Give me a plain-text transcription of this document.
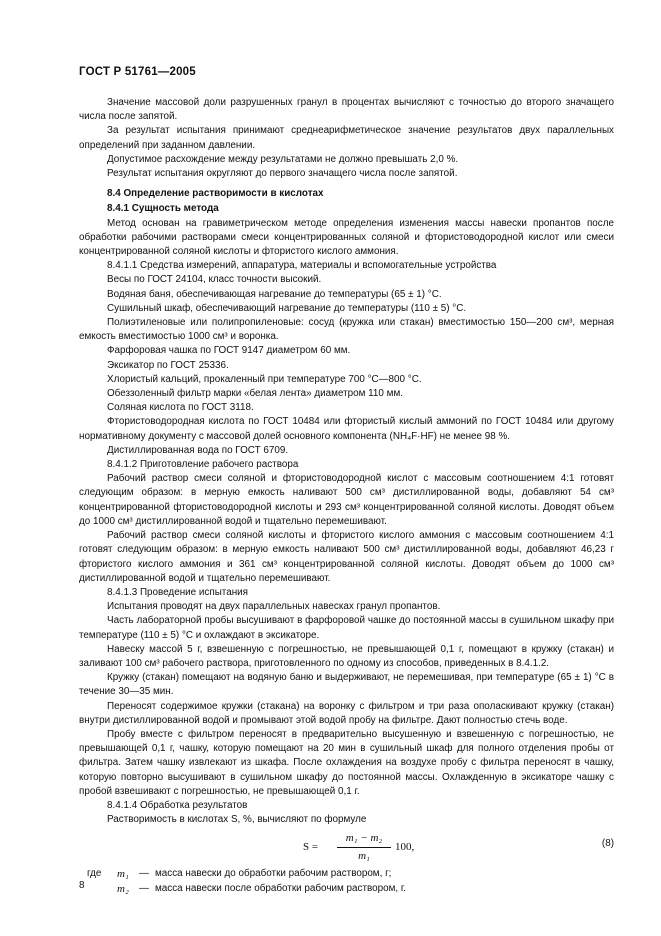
ГОСТ Р 51761—2005

Значение массовой доли разрушенных гранул в процентах вычисляют с точностью до второго значащего числа после запятой.

За результат испытания принимают среднеарифметическое значение результатов двух параллельных определений при заданном давлении.

Допустимое расхождение между результатами не должно превышать 2,0 %.

Результат испытания округляют до первого значащего числа после запятой.

8.4 Определение растворимости в кислотах

8.4.1 Сущность метода

Метод основан на гравиметрическом методе определения изменения массы навески пропантов после обработки рабочими растворами смеси концентрированных соляной и фтористоводородной кислот или смеси концентрированной соляной кислоты и фтористого кислого аммония.

8.4.1.1 Средства измерений, аппаратура, материалы и вспомогательные устройства

Весы по ГОСТ 24104, класс точности высокий.

Водяная баня, обеспечивающая нагревание до температуры (65 ± 1) °С.

Сушильный шкаф, обеспечивающий нагревание до температуры (110 ± 5) °С.

Полиэтиленовые или полипропиленовые: сосуд (кружка или стакан) вместимостью 150—200 см³, мерная емкость вместимостью 1000 см³ и воронка.

Фарфоровая чашка по ГОСТ 9147 диаметром 60 мм.

Эксикатор по ГОСТ 25336.

Хлористый кальций, прокаленный при температуре 700 °С—800 °С.

Обеззоленный фильтр марки «белая лента» диаметром 110 мм.

Соляная кислота по ГОСТ 3118.

Фтористоводородная кислота по ГОСТ 10484 или фтористый кислый аммоний по ГОСТ 10484 или другому нормативному документу с массовой долей основного компонента (NH₄F·HF) не менее 98 %.

Дистиллированная вода по ГОСТ 6709.

8.4.1.2 Приготовление рабочего раствора

Рабочий раствор смеси соляной и фтористоводородной кислот с массовым соотношением 4:1 готовят следующим образом: в мерную емкость наливают 500 см³ дистиллированной воды, добавляют 54 см³ концентрированной фтористоводородной кислоты и 293 см³ концентрированной соляной кислоты. Доводят объем до 1000 см³ дистиллированной водой и тщательно перемешивают.

Рабочий раствор смеси соляной кислоты и фтористого кислого аммония с массовым соотношением 4:1 готовят следующим образом: в мерную емкость наливают 500 см³ дистиллированной воды, добавляют 46,23 г фтористого кислого аммония и 361 см³ концентрированной соляной кислоты. Доводят объем до 1000 см³ дистиллированной водой и тщательно перемешивают.

8.4.1.3 Проведение испытания

Испытания проводят на двух параллельных навесках гранул пропантов.

Часть лабораторной пробы высушивают в фарфоровой чашке до постоянной массы в сушильном шкафу при температуре (110 ± 5) °С и охлаждают в эксикаторе.

Навеску массой 5 г, взвешенную с погрешностью, не превышающей 0,1 г, помещают в кружку (стакан) и заливают 100 см³ рабочего раствора, приготовленного по одному из способов, приведенных в 8.4.1.2.

Кружку (стакан) помещают на водяную баню и выдерживают, не перемешивая, при температуре (65 ± 1) °С в течение 30—35 мин.

Переносят содержимое кружки (стакана) на воронку с фильтром и три раза ополаскивают кружку (стакан) внутри дистиллированной водой и промывают этой водой пробу на фильтре. Дают полностью стечь воде.

Пробу вместе с фильтром переносят в предварительно высушенную и взвешенную с погрешностью, не превышающей 0,1 г, чашку, которую помещают на 20 мин в сушильный шкаф для полного отделения пробы от фильтра. Затем чашку извлекают из шкафа. После охлаждения на воздухе пробу с фильтра переносят в чашку, которую повторно высушивают в сушильном шкафу до постоянной массы. Охлажденную в эксикаторе чашку с пробой взвешивают с погрешностью, не превышающей 0,1 г.

8.4.1.4 Обработка результатов

Растворимость в кислотах S, %, вычисляют по формуле

$S = \frac{\text{m₁ − m₂}}{\text{m₁}} 100$,	(8)
где	m₁	— масса навески до обработки рабочим раствором, г;
m₂	— масса навески после обработки рабочим раствором, г.
8
